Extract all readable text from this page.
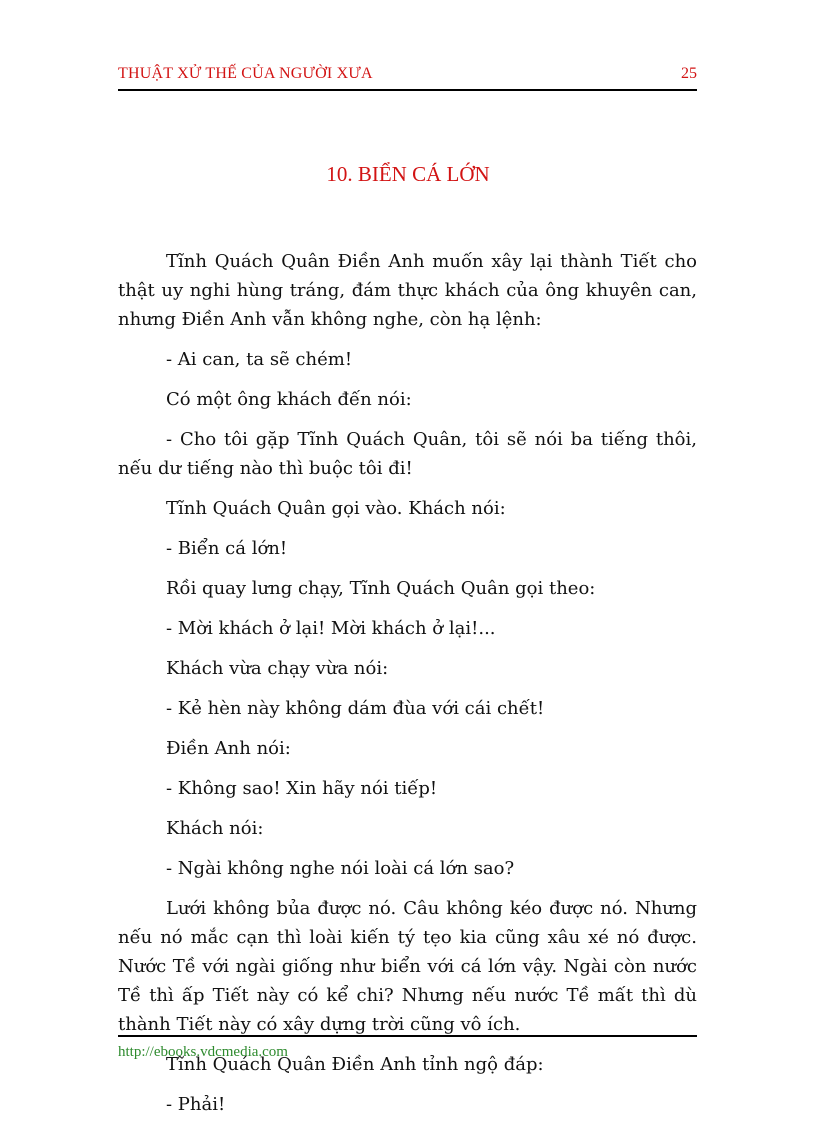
THUẬT XỬ THẾ CỦA NGƯỜI XƯA	25
10. BIỂN CÁ LỚN

Tĩnh Quách Quân Điền Anh muốn xây lại thành Tiết cho thật uy nghi hùng tráng, đám thực khách của ông khuyên can, nhưng Điền Anh vẫn không nghe, còn hạ lệnh:

- Ai can, ta sẽ chém!

Có một ông khách đến nói:

- Cho tôi gặp Tĩnh Quách Quân, tôi sẽ nói ba tiếng thôi, nếu dư tiếng nào thì buộc tôi đi!

Tĩnh Quách Quân gọi vào. Khách nói:

- Biển cá lớn!

Rồi quay lưng chạy, Tĩnh Quách Quân gọi theo:

- Mời khách ở lại! Mời khách ở lại!...

Khách vừa chạy vừa nói:

- Kẻ hèn này không dám đùa với cái chết!

Điền Anh nói:

- Không sao! Xin hãy nói tiếp!

Khách nói:

- Ngài không nghe nói loài cá lớn sao?

Lưới không bủa được nó. Câu không kéo được nó. Nhưng nếu nó mắc cạn thì loài kiến tý tẹo kia cũng xâu xé nó được. Nước Tề với ngài giống như biển với cá lớn vậy. Ngài còn nước Tề thì ấp Tiết này có kể chi? Nhưng nếu nước Tề mất thì dù thành Tiết này có xây dựng trời cũng vô ích.

Tĩnh Quách Quân Điền Anh tỉnh ngộ đáp:

- Phải!

http://ebooks.vdcmedia.com
